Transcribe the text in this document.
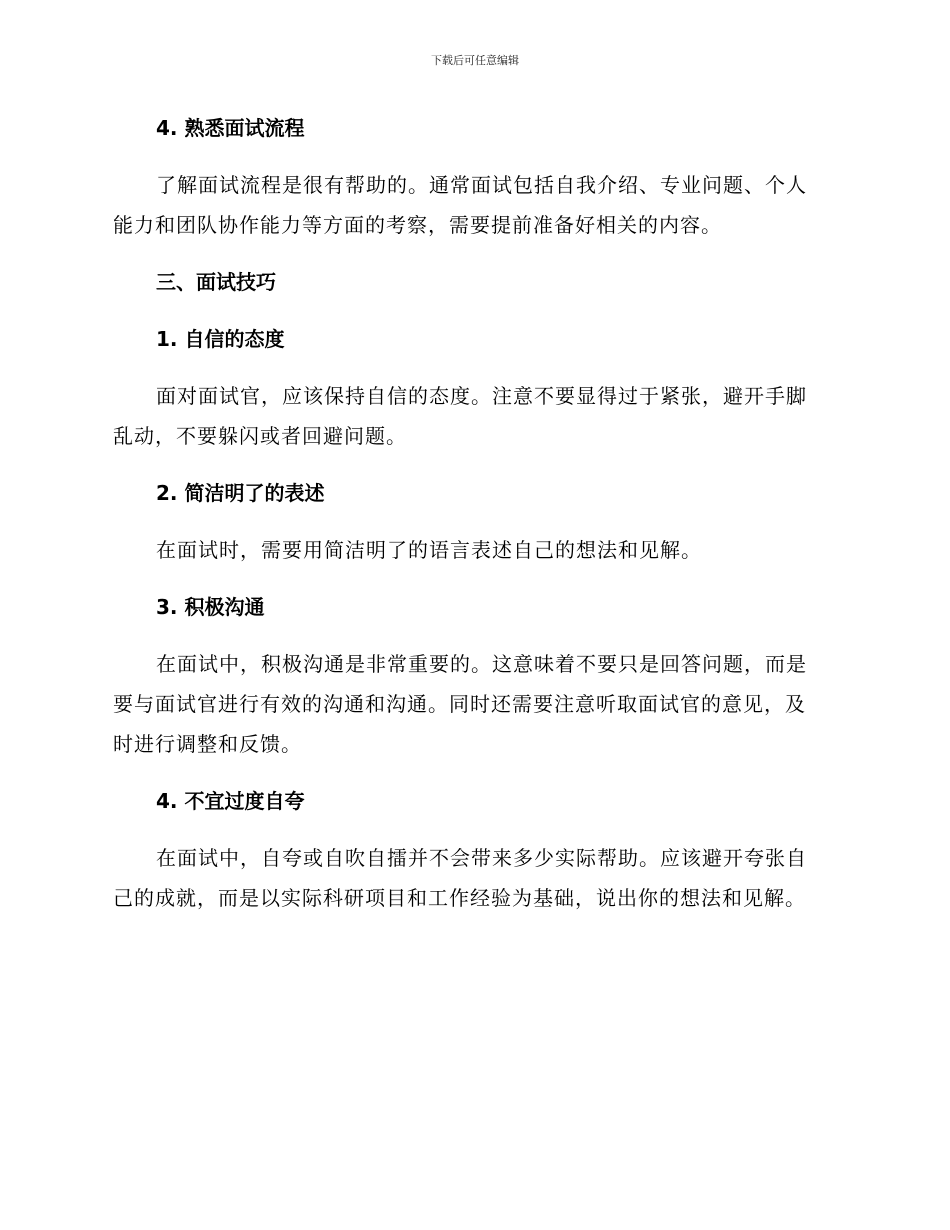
下载后可任意编辑
4. 熟悉面试流程
了解面试流程是很有帮助的。通常面试包括自我介绍、专业问题、个人
能力和团队协作能力等方面的考察，需要提前准备好相关的内容。
三、面试技巧
1. 自信的态度
面对面试官，应该保持自信的态度。注意不要显得过于紧张，避开手脚
乱动，不要躲闪或者回避问题。
2. 简洁明了的表述
在面试时，需要用简洁明了的语言表述自己的想法和见解。
3. 积极沟通
在面试中，积极沟通是非常重要的。这意味着不要只是回答问题，而是
要与面试官进行有效的沟通和沟通。同时还需要注意听取面试官的意见，及
时进行调整和反馈。
4. 不宜过度自夸
在面试中，自夸或自吹自擂并不会带来多少实际帮助。应该避开夸张自
己的成就，而是以实际科研项目和工作经验为基础，说出你的想法和见解。
